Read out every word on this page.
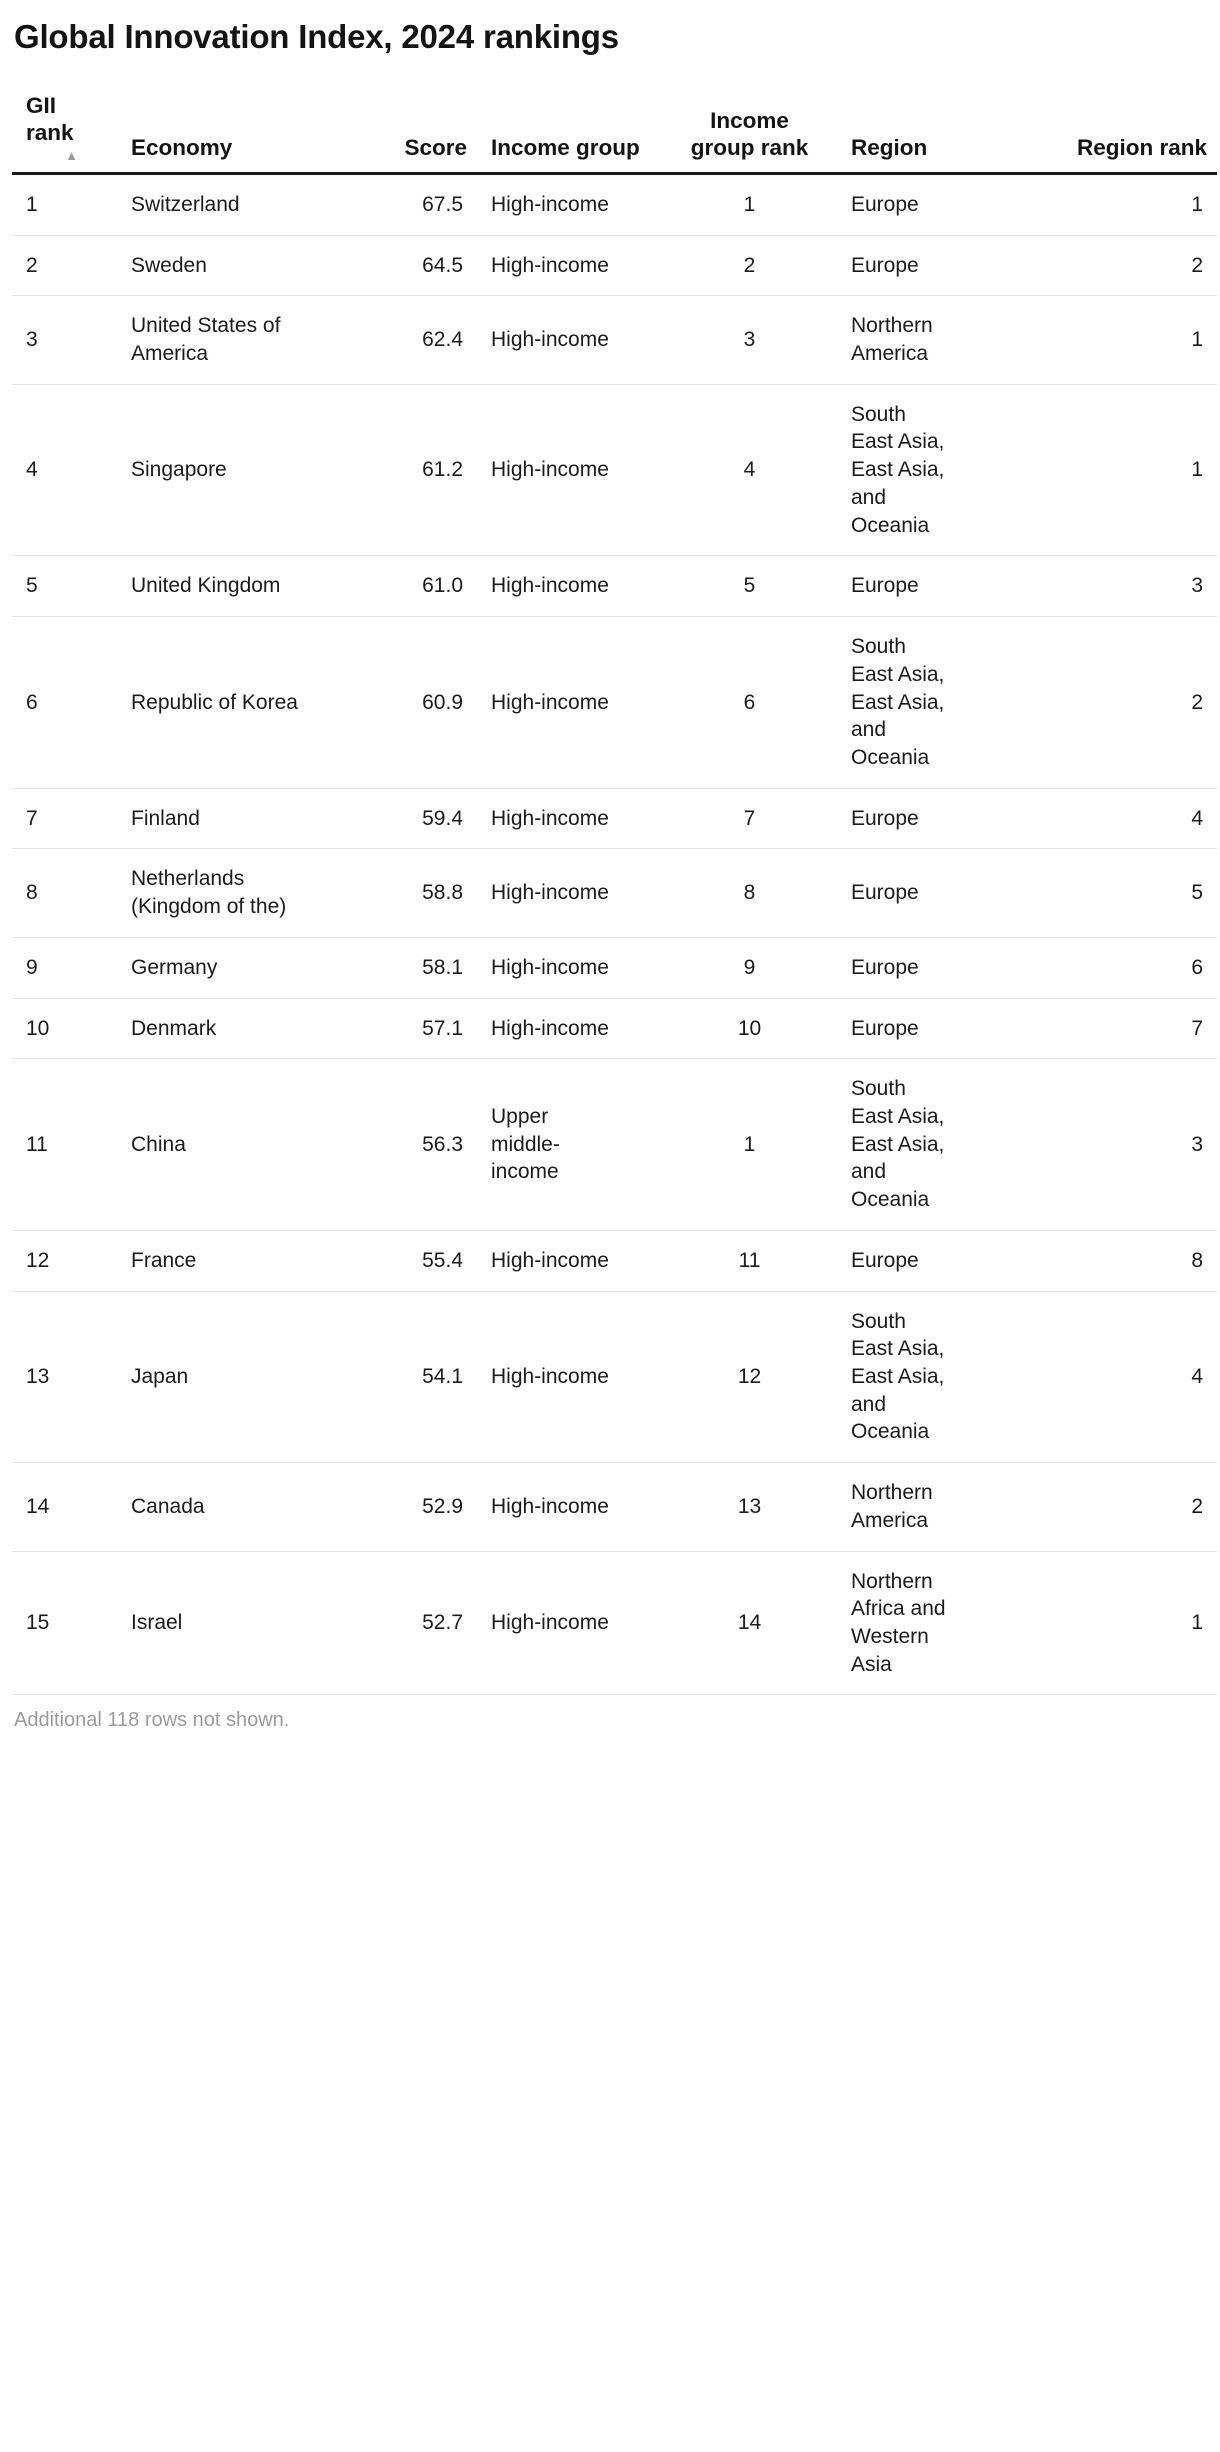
Global Innovation Index, 2024 rankings
GII rank
▲	Economy	Score	Income group	Income group rank	Region	Region rank

1	Switzerland	67.5	High-income	1	Europe	1
2	Sweden	64.5	High-income	2	Europe	2
3	United States of America	62.4	High-income	3	Northern America	1
4	Singapore	61.2	High-income	4	South East Asia, East Asia, and Oceania	1
5	United Kingdom	61.0	High-income	5	Europe	3
6	Republic of Korea	60.9	High-income	6	South East Asia, East Asia, and Oceania	2
7	Finland	59.4	High-income	7	Europe	4
8	Netherlands (Kingdom of the)	58.8	High-income	8	Europe	5
9	Germany	58.1	High-income	9	Europe	6
10	Denmark	57.1	High-income	10	Europe	7
11	China	56.3	Upper middle-income	1	South East Asia, East Asia, and Oceania	3
12	France	55.4	High-income	11	Europe	8
13	Japan	54.1	High-income	12	South East Asia, East Asia, and Oceania	4
14	Canada	52.9	High-income	13	Northern America	2
15	Israel	52.7	High-income	14	Northern Africa and Western Asia	1
Additional 118 rows not shown.
